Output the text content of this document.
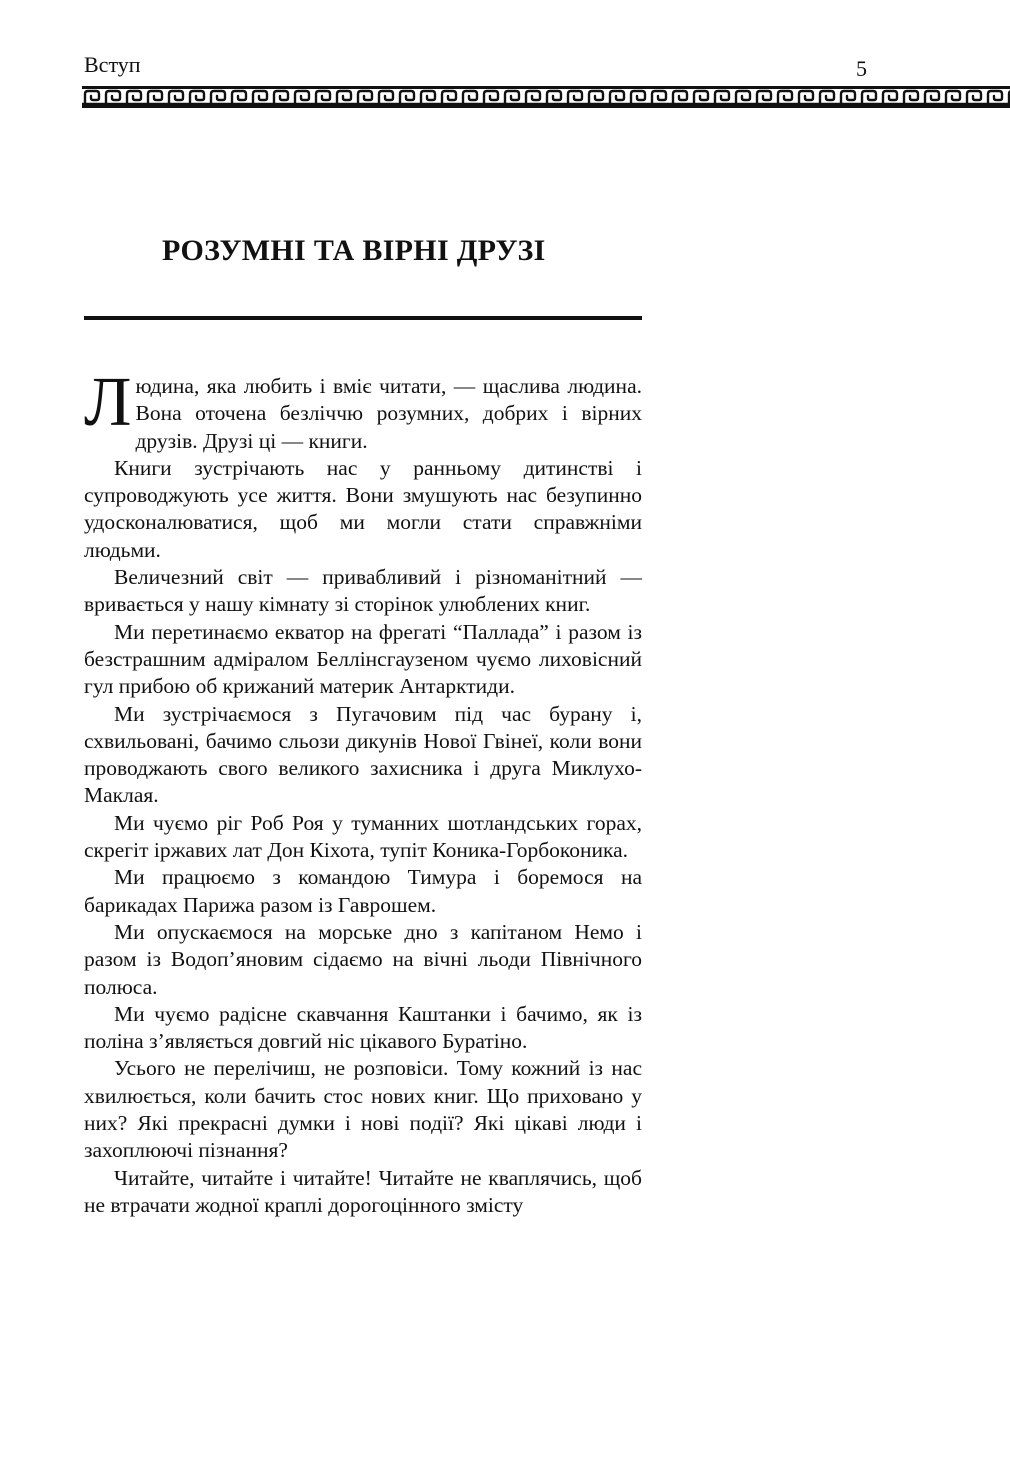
Вступ	5
РОЗУМНІ ТА ВІРНІ ДРУЗІ

Людина, яка любить і вміє читати, — щаслива людина. Вона оточена безліччю розумних, добрих і вірних друзів. Друзі ці — книги.

Книги зустрічають нас у ранньому дитинстві і супроводжують усе життя. Вони змушують нас безупинно удосконалюватися, щоб ми могли стати справжніми людьми.

Величезний світ — привабливий і різноманітний — вривається у нашу кімнату зі сторінок улюблених книг.

Ми перетинаємо екватор на фрегаті “Паллада” і разом із безстрашним адміралом Беллінсгаузеном чуємо лиховісний гул прибою об крижаний материк Антарктиди.

Ми зустрічаємося з Пугачовим під час бурану і, схвильовані, бачимо сльози дикунів Нової Гвінеї, коли вони проводжають свого великого захисника і друга Миклухо-Маклая.

Ми чуємо ріг Роб Роя у туманних шотландських горах, скрегіт іржавих лат Дон Кіхота, тупіт Коника-Горбоконика.

Ми працюємо з командою Тимура і боремося на барикадах Парижа разом із Гаврошем.

Ми опускаємося на морське дно з капітаном Немо і разом із Водоп’яновим сідаємо на вічні льоди Північного полюса.

Ми чуємо радісне скавчання Каштанки і бачимо, як із поліна з’являється довгий ніс цікавого Буратіно.

Усього не перелічиш, не розповіси. Тому кожний із нас хвилюється, коли бачить стос нових книг. Що приховано у них? Які прекрасні думки і нові події? Які цікаві люди і захоплюючі пізнання?

Читайте, читайте і читайте! Читайте не кваплячись, щоб не втрачати жодної краплі дорогоцінного змісту
